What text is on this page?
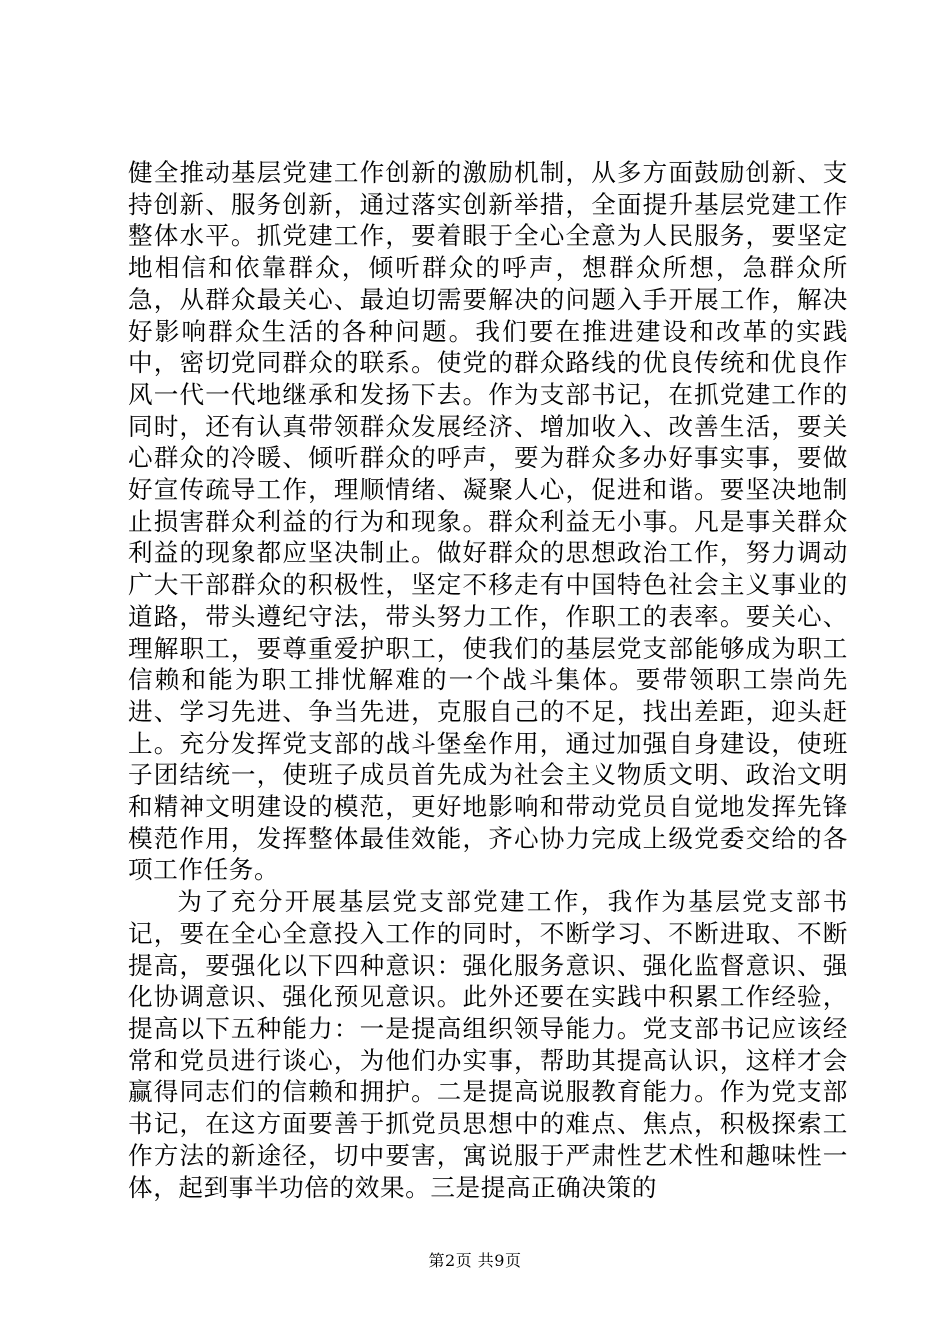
健全推动基层党建工作创新的激励机制，从多方面鼓励创新、支持创新、服务创新，通过落实创新举措，全面提升基层党建工作整体水平。抓党建工作，要着眼于全心全意为人民服务，要坚定地相信和依靠群众，倾听群众的呼声，想群众所想，急群众所急，从群众最关心、最迫切需要解决的问题入手开展工作，解决好影响群众生活的各种问题。我们要在推进建设和改革的实践中，密切党同群众的联系。使党的群众路线的优良传统和优良作风一代一代地继承和发扬下去。作为支部书记，在抓党建工作的同时，还有认真带领群众发展经济、增加收入、改善生活，要关心群众的冷暖、倾听群众的呼声，要为群众多办好事实事，要做好宣传疏导工作，理顺情绪、凝聚人心，促进和谐。要坚决地制止损害群众利益的行为和现象。群众利益无小事。凡是事关群众利益的现象都应坚决制止。做好群众的思想政治工作，努力调动广大干部群众的积极性，坚定不移走有中国特色社会主义事业的道路，带头遵纪守法，带头努力工作，作职工的表率。要关心、理解职工，要尊重爱护职工，使我们的基层党支部能够成为职工信赖和能为职工排忧解难的一个战斗集体。要带领职工崇尚先进、学习先进、争当先进，克服自己的不足，找出差距，迎头赶上。充分发挥党支部的战斗堡垒作用，通过加强自身建设，使班子团结统一，使班子成员首先成为社会主义物质文明、政治文明和精神文明建设的模范，更好地影响和带动党员自觉地发挥先锋模范作用，发挥整体最佳效能，齐心协力完成上级党委交给的各项工作任务。

为了充分开展基层党支部党建工作，我作为基层党支部书记，要在全心全意投入工作的同时，不断学习、不断进取、不断提高，要强化以下四种意识：强化服务意识、强化监督意识、强化协调意识、强化预见意识。此外还要在实践中积累工作经验，提高以下五种能力：一是提高组织领导能力。党支部书记应该经常和党员进行谈心，为他们办实事，帮助其提高认识，这样才会赢得同志们的信赖和拥护。二是提高说服教育能力。作为党支部书记，在这方面要善于抓党员思想中的难点、焦点，积极探索工作方法的新途径，切中要害，寓说服于严肃性艺术性和趣味性一体，起到事半功倍的效果。三是提高正确决策的

第2页 共9页
